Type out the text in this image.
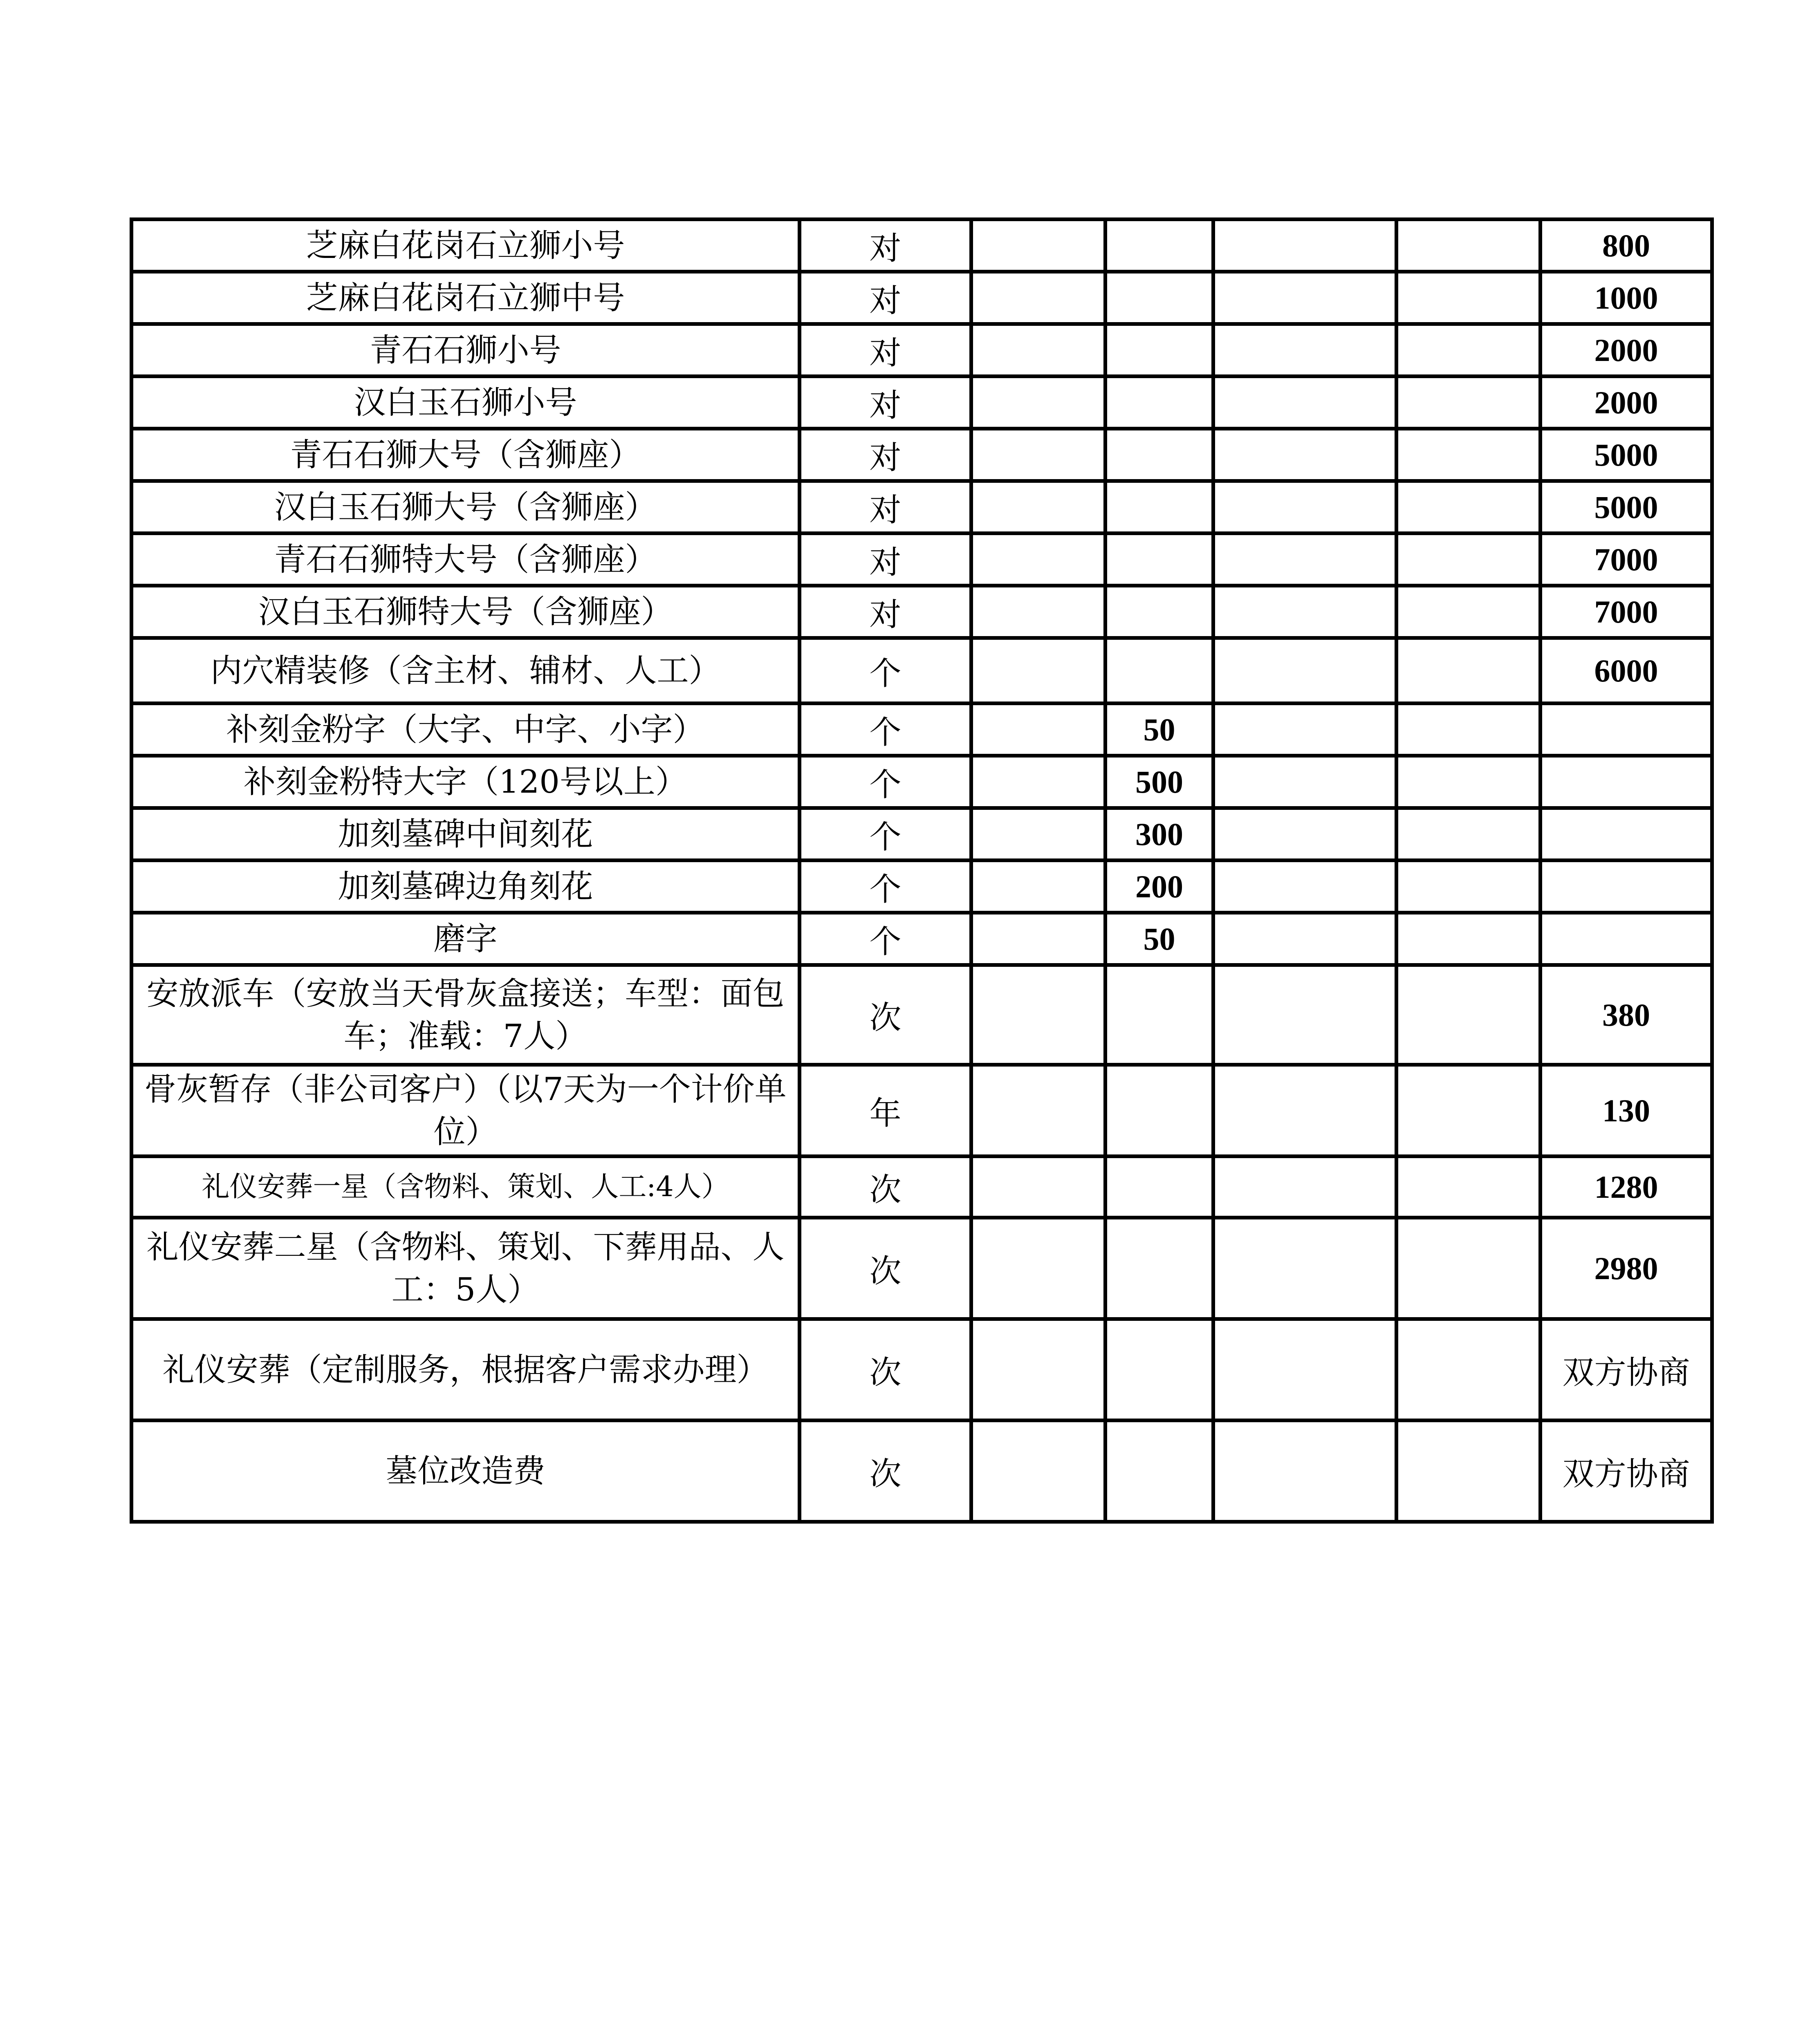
芝麻白花岗石立狮小号	对					800
芝麻白花岗石立狮中号	对					1000
青石石狮小号	对					2000
汉白玉石狮小号	对					2000
青石石狮大号（含狮座）	对					5000
汉白玉石狮大号（含狮座）	对					5000
青石石狮特大号（含狮座）	对					7000
汉白玉石狮特大号（含狮座）	对					7000
内穴精装修（含主材、辅材、人工）	个					6000
补刻金粉字（大字、中字、小字）	个		50			
补刻金粉特大字（120号以上）	个		500			
加刻墓碑中间刻花	个		300			
加刻墓碑边角刻花	个		200			
磨字	个		50			
安放派车（安放当天骨灰盒接送；车型：面包车；准载：7人）	次					380
骨灰暂存（非公司客户）（以7天为一个计价单位）	年					130
礼仪安葬一星（含物料、策划、人工:4人）	次					1280
礼仪安葬二星（含物料、策划、下葬用品、人工：5人）	次					2980
礼仪安葬（定制服务，根据客户需求办理）	次					双方协商
墓位改造费	次					双方协商
